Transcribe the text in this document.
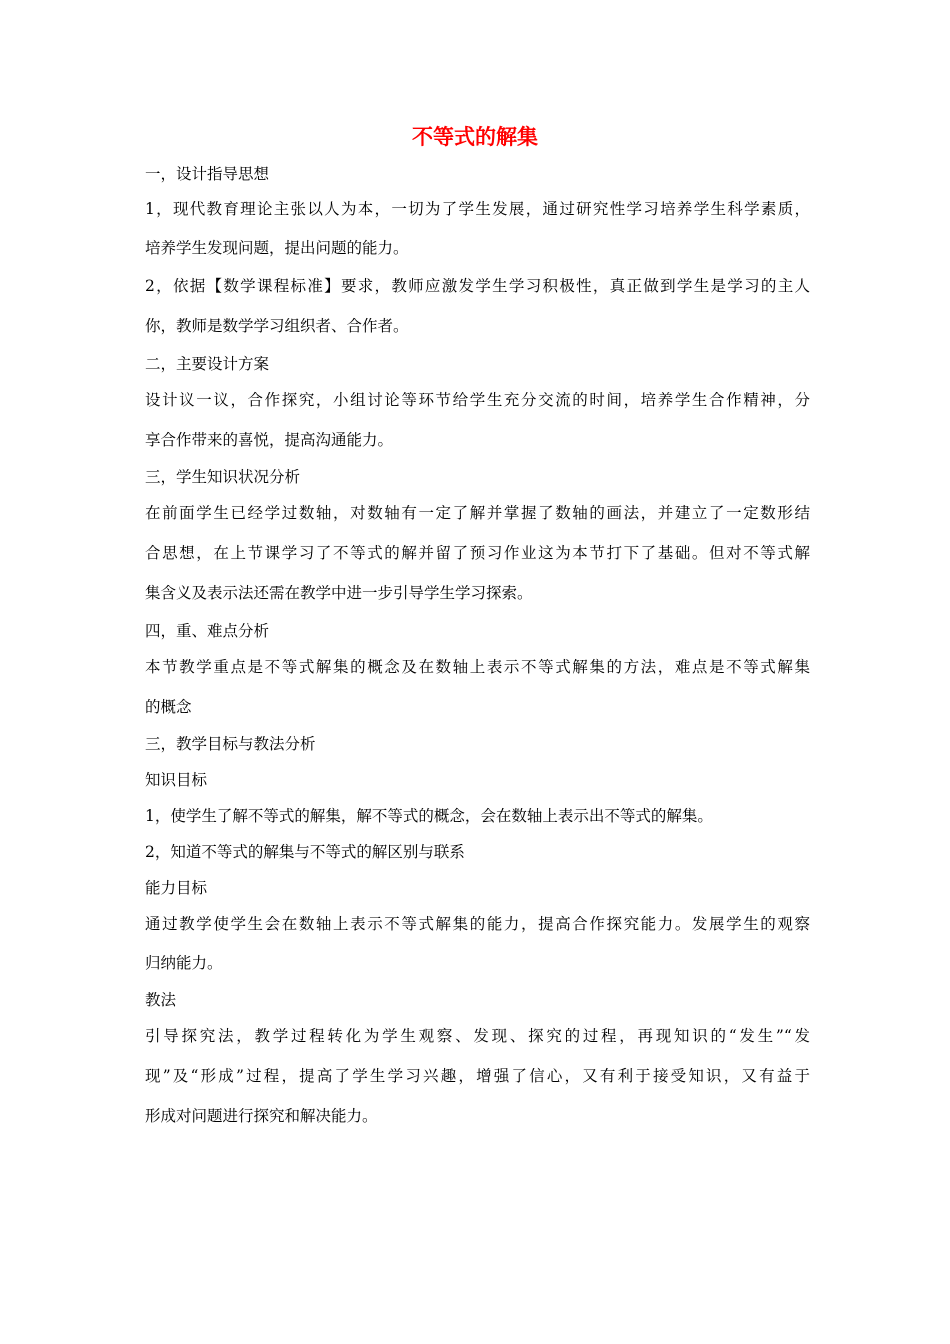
不等式的解集
一，设计指导思想
1，现代教育理论主张以人为本，一切为了学生发展，通过研究性学习培养学生科学素质，
培养学生发现问题，提出问题的能力。
2，依据【数学课程标准】要求，教师应激发学生学习积极性，真正做到学生是学习的主人
你，教师是数学学习组织者、合作者。
二，主要设计方案
设计议一议，合作探究，小组讨论等环节给学生充分交流的时间，培养学生合作精神，分
享合作带来的喜悦，提高沟通能力。
三，学生知识状况分析
在前面学生已经学过数轴，对数轴有一定了解并掌握了数轴的画法，并建立了一定数形结
合思想，在上节课学习了不等式的解并留了预习作业这为本节打下了基础。但对不等式解
集含义及表示法还需在教学中进一步引导学生学习探索。
四，重、难点分析
本节教学重点是不等式解集的概念及在数轴上表示不等式解集的方法，难点是不等式解集
的概念
三，教学目标与教法分析
知识目标
1，使学生了解不等式的解集，解不等式的概念，会在数轴上表示出不等式的解集。
2，知道不等式的解集与不等式的解区别与联系
能力目标
通过教学使学生会在数轴上表示不等式解集的能力，提高合作探究能力。发展学生的观察
归纳能力。
教法
引导探究法，教学过程转化为学生观察、发现、探究的过程，再现知识的“发生”“发
现”及“形成”过程，提高了学生学习兴趣，增强了信心，又有利于接受知识，又有益于
形成对问题进行探究和解决能力。
